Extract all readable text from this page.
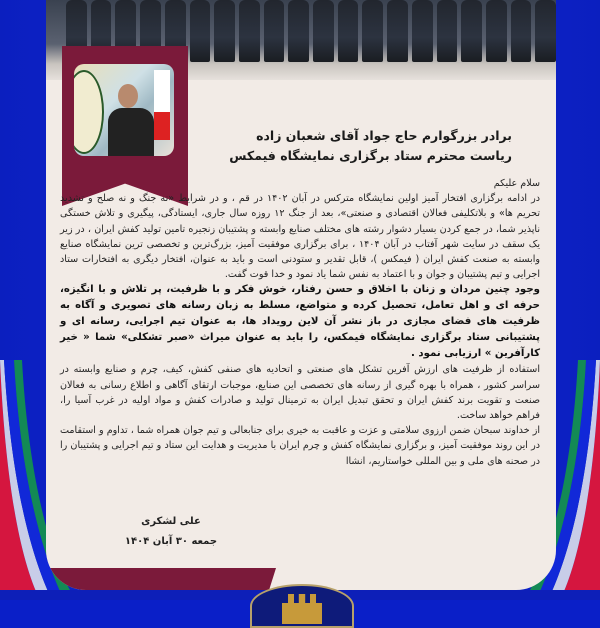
برادر بزرگوارم حاج جواد آقای شعبان زاده
ریاست محترم ستاد برگزاری نمایشگاه فیمکس

سلام علیکم

در ادامه برگزاری افتخار آمیز اولین نمایشگاه مترکس در آبان ۱۴۰۲ در قم ، و در شرایط «نه جنگ و نه صلح و تشدید تحریم ها» و بلاتکلیفی فعالان اقتصادی و صنعتی»، بعد از جنگ ۱۲ روزه سال جاری، ایستادگی، پیگیری و تلاش خستگی ناپذیر شما، در جمع کردن بسیار دشوار رشته های مختلف صنایع وابسته و پشتیبان زنجیره تامین تولید کفش ایران ، در زیر یک سقف در سایت شهر آفتاب در آبان ۱۴۰۴ ، برای برگزاری موفقیت آمیز، بزرگ‌ترین و تخصصی ترین نمایشگاه صنایع وابسته به صنعت کفش ایران ( فیمکس )، قابل تقدیر و ستودنی است و باید به عنوان، افتخار دیگری به افتخارات ستاد اجرایی و تیم پشتیبان و جوان و با اعتماد به نفس شما یاد نمود و خدا قوت گفت.

وجود چنین مردان و زنان با اخلاق و حسن رفتار، خوش فکر و با ظرفیت، پر تلاش و با انگیزه، حرفه ای و اهل تعامل، تحصیل کرده و متواضع، مسلط به زبان رسانه های تصویری و آگاه به ظرفیت های فضای مجازی در باز نشر آن لاین رویداد ها، به عنوان تیم اجرایی، رسانه ای و پشتیبانی ستاد برگزاری نمایشگاه فیمکس، را باید به عنوان میراث «صبر تشکلی» شما « خیر کارآفرین » ارزیابی نمود .

استفاده از ظرفیت های ارزش آفرین تشکل های صنعتی و اتحادیه های صنفی کفش، کیف، چرم و صنایع وابسته در سراسر کشور ، همراه با بهره گیری از رسانه های تخصصی این صنایع، موجبات ارتقای آگاهی و اطلاع رسانی به فعالان صنعت و تقویت برند کفش ایران و تحقق تبدیل ایران به ترمینال تولید و صادرات کفش و مواد اولیه در غرب آسیا را، فراهم خواهد ساخت.

از خداوند سبحان ضمن ارزوی سلامتی و عزت و عاقبت به خیری برای جنابعالی و تیم جوان همراه شما ، تداوم و استقامت در این روند موفقیت آمیز، و برگزاری نمایشگاه کفش و چرم ایران با مدیریت و هدایت این ستاد و تیم اجرایی و پشتیبان را در صحنه های ملی و بین المللی خواستاریم، انشاا

علی لشکری
جمعه ۳۰ آبان ۱۴۰۴
